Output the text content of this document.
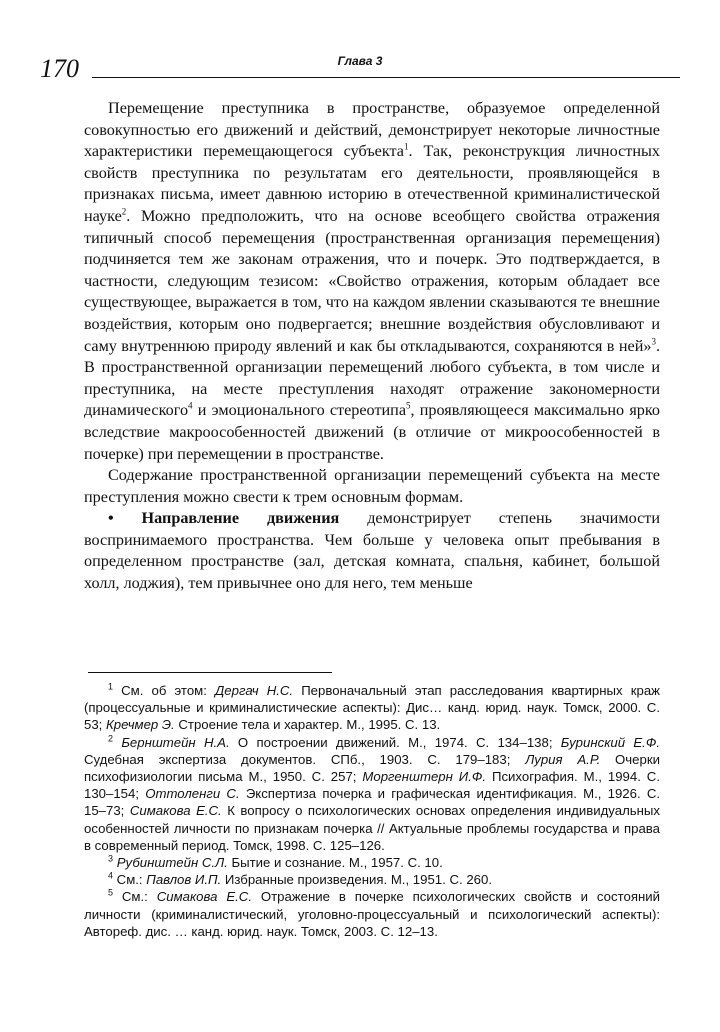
170	Глава 3

Перемещение преступника в пространстве, образуемое определенной совокупностью его движений и действий, демонстрирует некоторые личностные характеристики перемещающегося субъекта$^1$. Так, реконструкция личностных свойств преступника по результатам его деятельности, проявляющейся в признаках письма, имеет давнюю историю в отечественной криминалистической науке$^2$. Можно предположить, что на основе всеобщего свойства отражения типичный способ перемещения (пространственная организация перемещения) подчиняется тем же законам отражения, что и почерк. Это подтверждается, в частности, следующим тезисом: «Свойство отражения, которым обладает все существующее, выражается в том, что на каждом явлении сказываются те внешние воздействия, которым оно подвергается; внешние воздействия обусловливают и саму внутреннюю природу явлений и как бы откладываются, сохраняются в ней»$^3$. В пространственной организации перемещений любого субъекта, в том числе и преступника, на месте преступления находят отражение закономерности динамического$^4$ и эмоционального стереотипа$^5$, проявляющееся максимально ярко вследствие макроособенностей движений (в отличие от микроособенностей в почерке) при перемещении в пространстве.

Содержание пространственной организации перемещений субъекта на месте преступления можно свести к трем основным формам.

• Направление движения демонстрирует степень значимости воспринимаемого пространства. Чем больше у человека опыт пребывания в определенном пространстве (зал, детская комната, спальня, кабинет, большой холл, лоджия), тем привычнее оно для него, тем меньше

$^1$ См. об этом: Дергач Н.С. Первоначальный этап расследования квартирных краж (процессуальные и криминалистические аспекты): Дис… канд. юрид. наук. Томск, 2000. С. 53; Кречмер Э. Строение тела и характер. М., 1995. С. 13.

$^2$ Бернштейн Н.А. О построении движений. М., 1974. С. 134–138; Буринский Е.Ф. Судебная экспертиза документов. СПб., 1903. С. 179–183; Лурия А.Р. Очерки психофизиологии письма М., 1950. С. 257; Моргенштерн И.Ф. Психография. М., 1994. С. 130–154; Оттоленги С. Экспертиза почерка и графическая идентификация. М., 1926. С. 15–73; Симакова Е.С. К вопросу о психологических основах определения индивидуальных особенностей личности по признакам почерка // Актуальные проблемы государства и права в современный период. Томск, 1998. С. 125–126.

$^3$ Рубинштейн С.Л. Бытие и сознание. М., 1957. С. 10.

$^4$ См.: Павлов И.П. Избранные произведения. М., 1951. С. 260.

$^5$ См.: Симакова Е.С. Отражение в почерке психологических свойств и состояний личности (криминалистический, уголовно-процессуальный и психологический аспекты): Автореф. дис. … канд. юрид. наук. Томск, 2003. С. 12–13.
